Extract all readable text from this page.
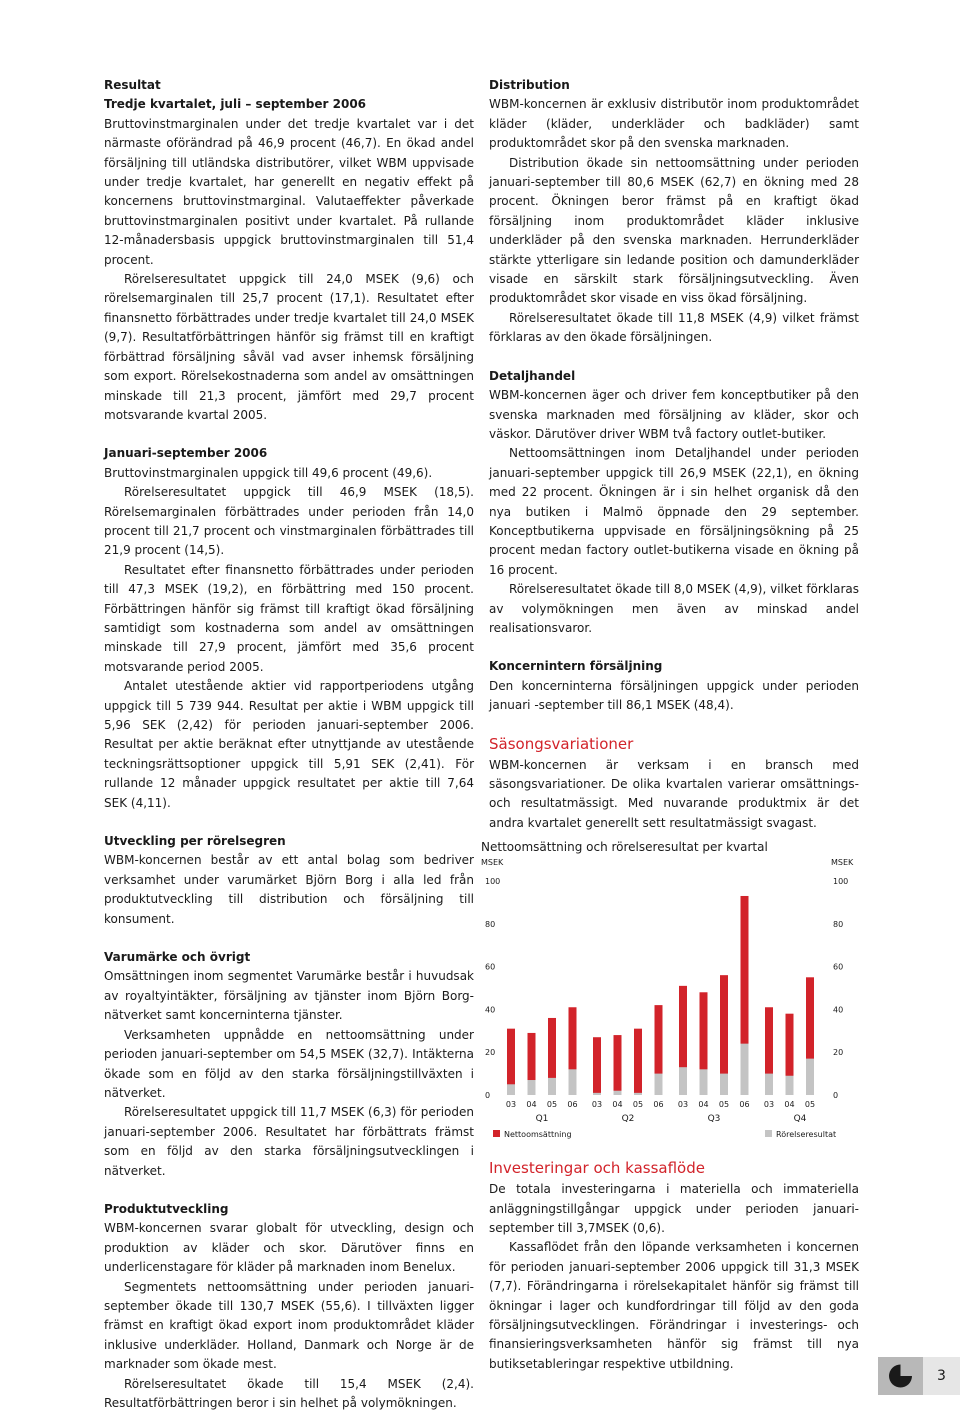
Resultat

Tredje kvartalet, juli – september 2006

Bruttovinstmarginalen under det tredje kvartalet var i det närmaste oförändrad på 46,9 procent (46,7). En ökad andel försäljning till utländska distributörer, vilket WBM uppvisade under tredje kvartalet, har generellt en negativ effekt på koncernens bruttovinstmarginal. Valutaeffekter påverkade bruttovinstmarginalen positivt under kvartalet. På rullande 12-månadersbasis uppgick bruttovinstmarginalen till 51,4 procent.

Rörelseresultatet uppgick till 24,0 MSEK (9,6) och rörelsemarginalen till 25,7 procent (17,1). Resultatet efter finansnetto förbättrades under tredje kvartalet till 24,0 MSEK (9,7). Resultatförbättringen hänför sig främst till en kraftigt förbättrad försäljning såväl vad avser inhemsk försäljning som export. Rörelsekostnaderna som andel av omsättningen minskade till 21,3 procent, jämfört med 29,7 procent motsvarande kvartal 2005.

Januari-september 2006

Bruttovinstmarginalen uppgick till 49,6 procent (49,6).

Rörelseresultatet uppgick till 46,9 MSEK (18,5). Rörelsemarginalen förbättrades under perioden från 14,0 procent till 21,7 procent och vinstmarginalen förbättrades till 21,9 procent (14,5).

Resultatet efter finansnetto förbättrades under perioden till 47,3 MSEK (19,2), en förbättring med 150 procent. Förbättringen hänför sig främst till kraftigt ökad försäljning samtidigt som kostnaderna som andel av omsättningen minskade till 27,9 procent, jämfört med 35,6 procent motsvarande period 2005.

Antalet utestående aktier vid rapportperiodens utgång uppgick till 5 739 944. Resultat per aktie i WBM uppgick till 5,96 SEK (2,42) för perioden januari-september 2006. Resultat per aktie beräknat efter utnyttjande av utestående teckningsrättsoptioner uppgick till 5,91 SEK (2,41). För rullande 12 månader uppgick resultatet per aktie till 7,64 SEK (4,11).

Utveckling per rörelsegren

WBM-koncernen består av ett antal bolag som bedriver verksamhet under varumärket Björn Borg i alla led från produktutveckling till distribution och försäljning till konsument.

Varumärke och övrigt

Omsättningen inom segmentet Varumärke består i huvudsak av royaltyintäkter, försäljning av tjänster inom Björn Borg-nätverket samt koncerninterna tjänster.

Verksamheten uppnådde en nettoomsättning under perioden januari-september om 54,5 MSEK (32,7). Intäkterna ökade som en följd av den starka försäljningstillväxten i nätverket.

Rörelseresultatet uppgick till 11,7 MSEK (6,3) för perioden januari-september 2006. Resultatet har förbättrats främst som en följd av den starka försäljningsutvecklingen i nätverket.

Produktutveckling

WBM-koncernen svarar globalt för utveckling, design och produktion av kläder och skor. Därutöver finns en underlicenstagare för kläder på marknaden inom Benelux.

Segmentets nettoomsättning under perioden januari-september ökade till 130,7 MSEK (55,6). I tillväxten ligger främst en kraftigt ökad export inom produktområdet kläder inklusive underkläder. Holland, Danmark och Norge är de marknader som ökade mest.

Rörelseresultatet ökade till 15,4 MSEK (2,4). Resultatförbättringen beror i sin helhet på volymökningen.

Distribution

WBM-koncernen är exklusiv distributör inom produktområdet kläder (kläder, underkläder och badkläder) samt produktområdet skor på den svenska marknaden.

Distribution ökade sin nettoomsättning under perioden januari-september till 80,6 MSEK (62,7) en ökning med 28 procent. Ökningen beror främst på en kraftigt ökad försäljning inom produktområdet kläder inklusive underkläder på den svenska marknaden. Herrunderkläder stärkte ytterligare sin ledande position och damunderkläder visade en särskilt stark försäljningsutveckling. Även produktområdet skor visade en viss ökad försäljning.

Rörelseresultatet ökade till 11,8 MSEK (4,9) vilket främst förklaras av den ökade försäljningen.

Detaljhandel

WBM-koncernen äger och driver fem konceptbutiker på den svenska marknaden med försäljning av kläder, skor och väskor. Därutöver driver WBM två factory outlet-butiker.

Nettoomsättningen inom Detaljhandel under perioden januari-september uppgick till 26,9 MSEK (22,1), en ökning med 22 procent. Ökningen är i sin helhet organisk då den nya butiken i Malmö öppnade den 29 september. Konceptbutikerna uppvisade en försäljningsökning på 25 procent medan factory outlet-butikerna visade en ökning på 16 procent.

Rörelseresultatet ökade till 8,0 MSEK (4,9), vilket förklaras av volymökningen men även av minskad andel realisationsvaror.

Koncernintern försäljning

Den koncerninterna försäljningen uppgick under perioden januari -september till 86,1 MSEK (48,4).

Säsongsvariationer

WBM-koncernen är verksam i en bransch med säsongsvariationer. De olika kvartalen varierar omsättnings- och resultatmässigt. Med nuvarande produktmix är det andra kvartalet generellt sett resultatmässigt svagast.

Nettoomsättning och rörelseresultat per kvartal
MSEK	MSEK
0	0
20	20
40	40
60	60
80	80
100	100
03 04 05 06
Q1
03 04 05 06
Q2
03 04 05 06
Q3
03 04 05
Q4
Nettoomsättning	Rörelseresultat

Investeringar och kassaflöde

De totala investeringarna i materiella och immateriella anläggningstillgångar uppgick under perioden januari-september till 3,7MSEK (0,6).

Kassaflödet från den löpande verksamheten i koncernen för perioden januari-september 2006 uppgick till 31,3 MSEK (7,7). Förändringarna i rörelsekapitalet hänför sig främst till ökningar i lager och kundfordringar till följd av den goda försäljningsutvecklingen. Förändringar i investerings- och finansieringsverksamheten hänför sig främst till nya butiksetableringar respektive utbildning.

3
